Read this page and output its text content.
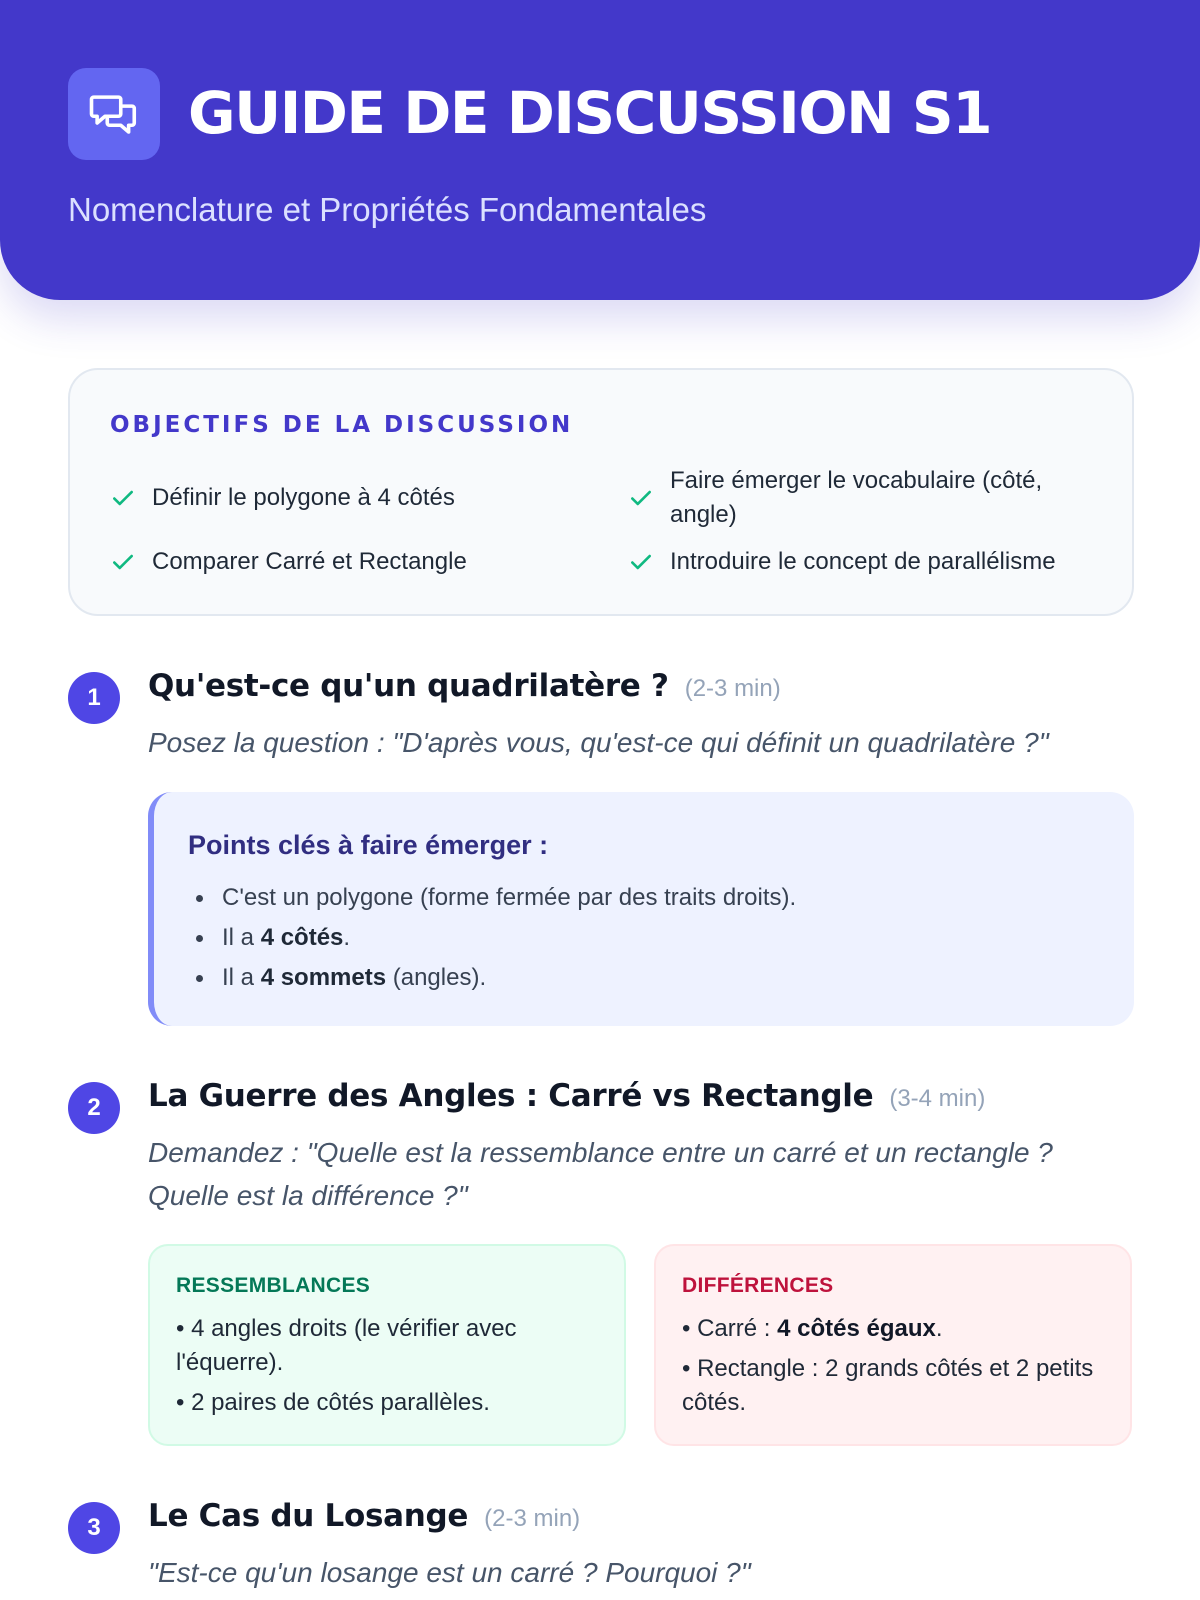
GUIDE DE DISCUSSION S1
Nomenclature et Propriétés Fondamentales
OBJECTIFS DE LA DISCUSSION
Définir le polygone à 4 côtés
Comparer Carré et Rectangle
Faire émerger le vocabulaire (côté, angle)
Introduire le concept de parallélisme
1	Qu'est-ce qu'un quadrilatère ? (2-3 min)
Posez la question : "D'après vous, qu'est-ce qui définit un quadrilatère ?"
Points clés à faire émerger :
C'est un polygone (forme fermée par des traits droits).
Il a 4 côtés.
Il a 4 sommets (angles).
2	La Guerre des Angles : Carré vs Rectangle (3-4 min)
Demandez : "Quelle est la ressemblance entre un carré et un rectangle ? Quelle est la différence ?"
RESSEMBLANCES
• 4 angles droits (le vérifier avec l'équerre).
• 2 paires de côtés parallèles.
DIFFÉRENCES
• Carré : 4 côtés égaux.
• Rectangle : 2 grands côtés et 2 petits côtés.
3	Le Cas du Losange (2-3 min)
"Est-ce qu'un losange est un carré ? Pourquoi ?"
